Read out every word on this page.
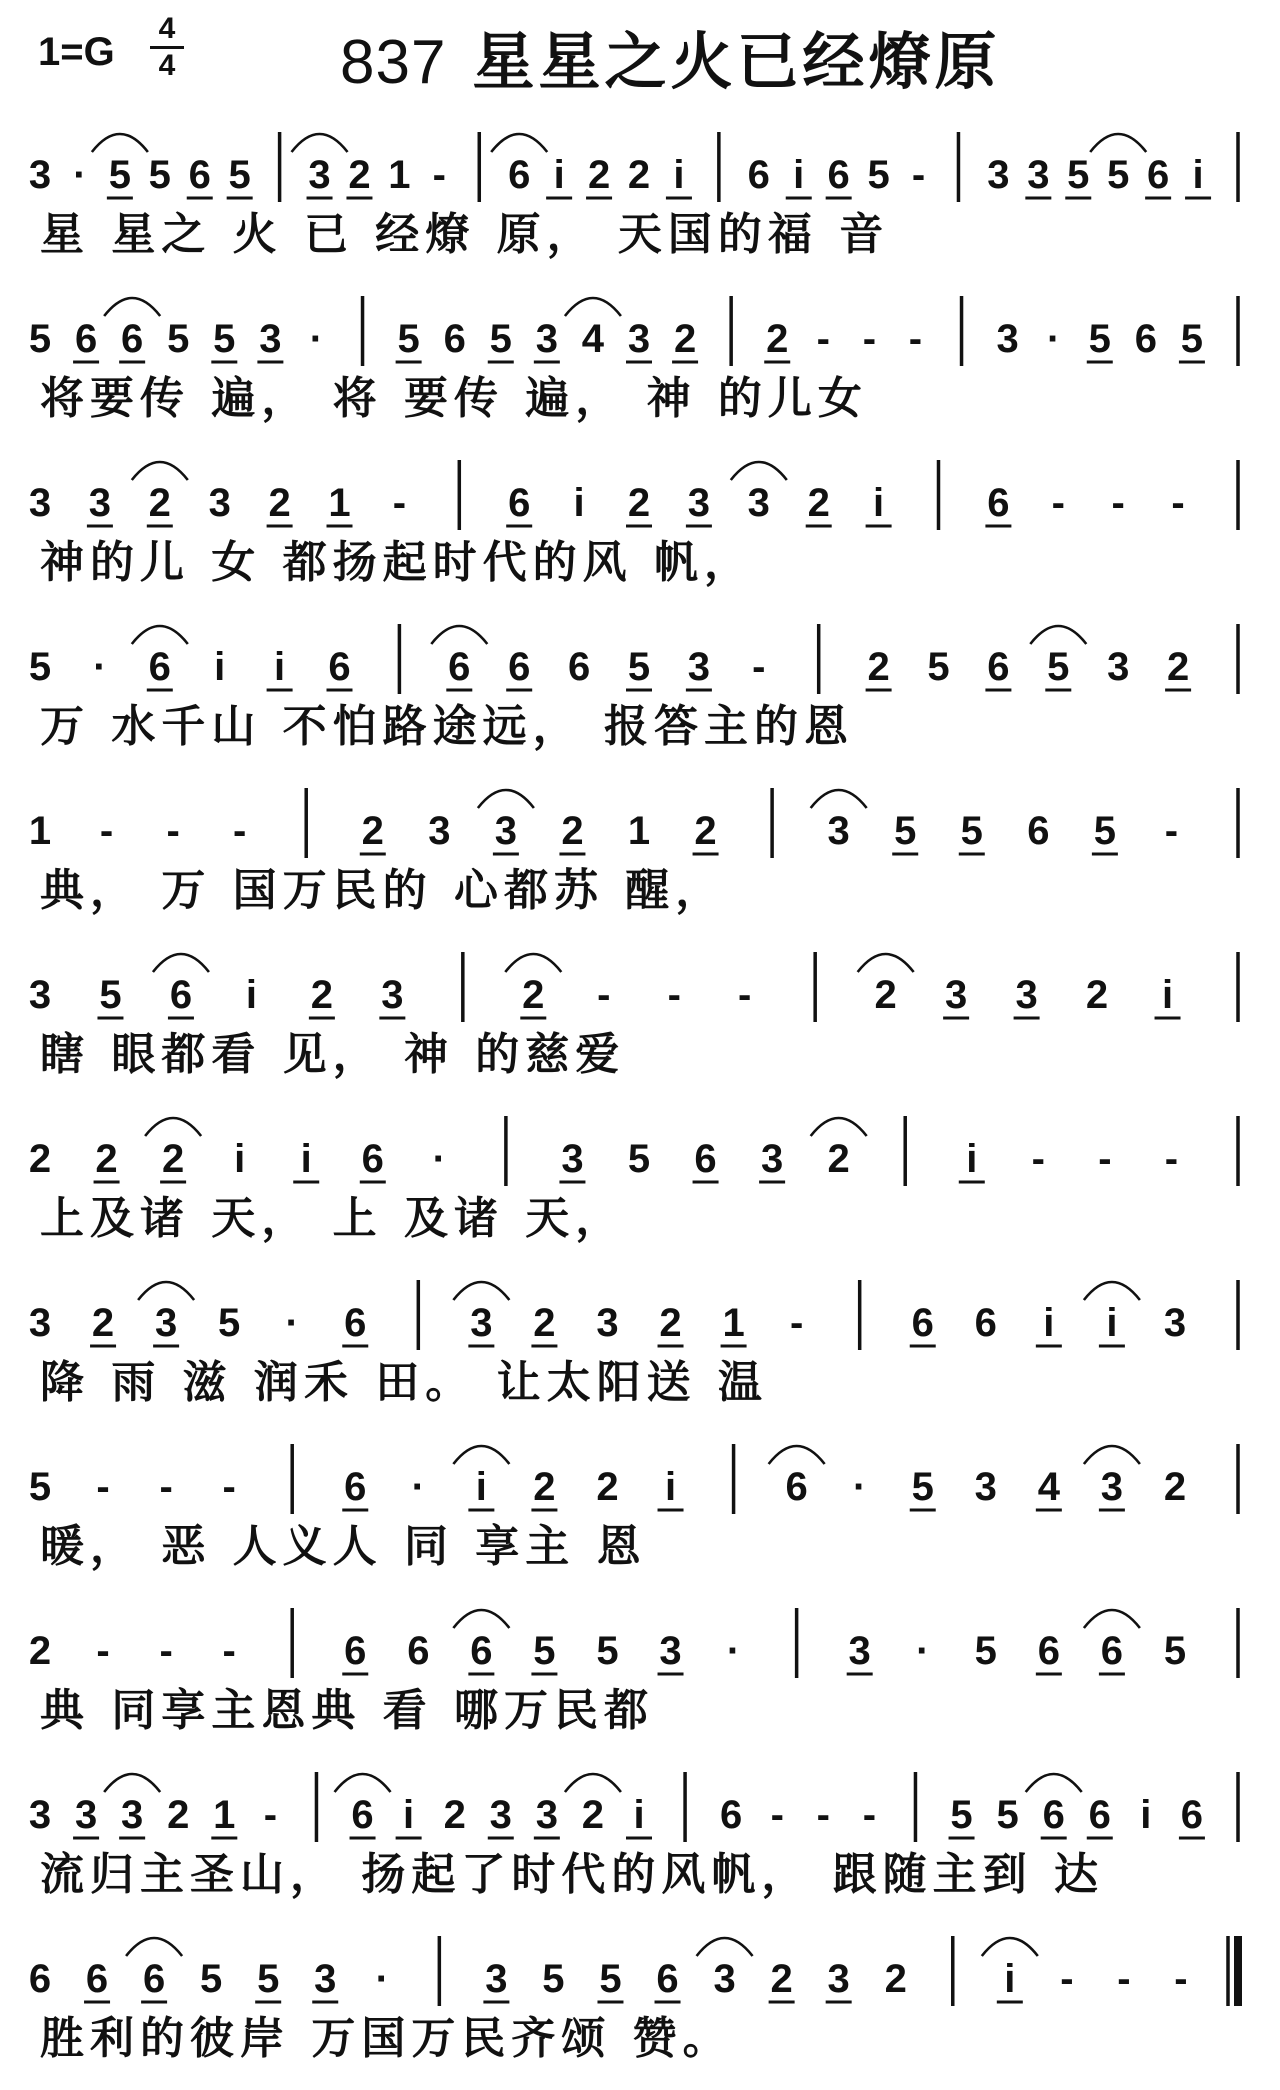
1=G
4
4	837 星星之火已经燎原
3 · 5 5 6 5 3 2 1 - 6 i 2 2 i 6 i 6 5 - 3 3 5 5 6 i
星 星之 火 已 经燎 原， 天国的福 音
5 6 6 5 5 3 · 5 6 5 3 4 3 2 2 - - - 3 · 5 6 5
将要传 遍， 将 要传 遍， 神 的儿女
3 3 2 3 2 1 -	6 i 2 3 3 2 i	6 - - -
神的儿 女 都扬起时代的风 帆，
5 · 6 i i 6 6 6 6 5 3 -	2 5 6 5 3 2
万 水千山 不怕路途远， 报答主的恩
1 - - -	2 3 3 2 1 2	3 5 5 6 5 -
典， 万 国万民的 心都苏 醒，
3 5 6 i 2 3	2 - - -	2 3 3 2 i
瞎 眼都看 见， 神 的慈爱
2 2 2 i i 6 ·	3 5 6 3 2	i - - -
上及诸 天， 上 及诸 天，
3 2 3 5 · 6	3 2 3 2 1 -	6 6 i i 3
降 雨 滋 润禾 田。 让太阳送 温
5 - - -	6 · i 2 2 i	6 · 5 3 4 3 2
暖， 恶 人义人 同 享主 恩
2 - - -	6 6 6 5 5 3 ·	3 · 5 6 6 5
典 同享主恩典 看 哪万民都
3 3 3 2 1 - 6 i 2 3 3 2 i 6 - - - 5 5 6 6 i 6
流归主圣山， 扬起了时代的风帆， 跟随主到 达
6 6 6 5 5 3 · 3 5 5 6 3 2 3 2 i - - -
胜利的彼岸 万国万民齐颂 赞。
